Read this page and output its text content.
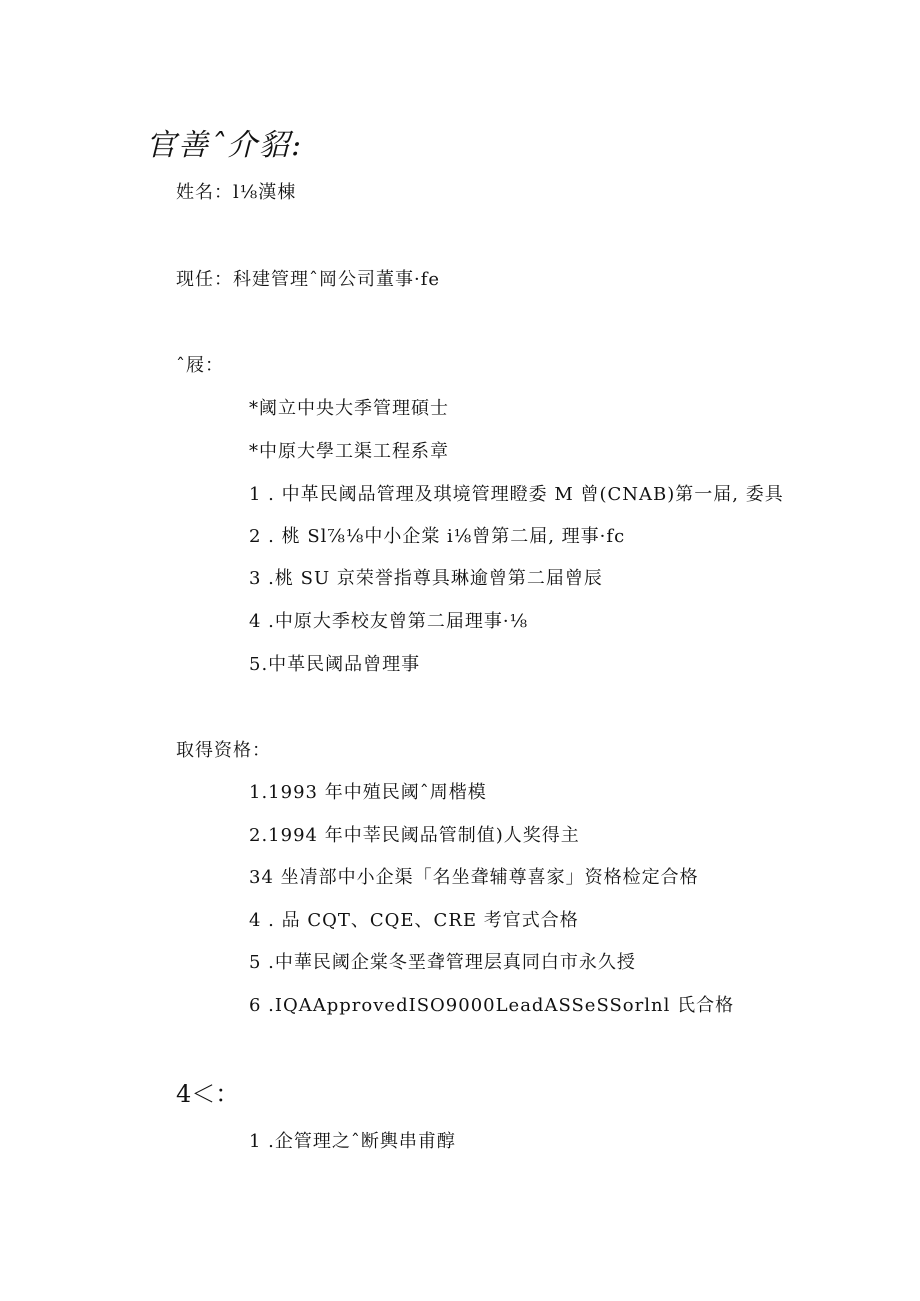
官善ˆ介貂:
姓名：l⅛漢棟
现任：科建管理ˆ岡公司董事·fe
ˆ屐：
*阈立中央大季管理碩士
*中原大學工渠工程系章
1 . 中革民阈品管理及琪境管理瞪委 M 曾(CNAB)第一届, 委具
2 . 桃 Sl⅞⅛中小企棠 i⅛曾第二届, 理事·fc
3 .桃 SU 京荣誉指尊具琳逾曾第二届曾辰
4 .中原大季校友曾第二届理事·⅛
5.中革民阈品曾理事
取得资格：
1.1993 年中殖民阈ˆ周楷模
2.1994 年中莘民阈品管制值)人奖得主
34 坐凊部中小企渠「名坐聋辅尊喜家」资格检定合格
4 . 品 CQT、CQE、CRE 考官式合格
5 .中華民阈企棠冬垩聋管理层真同白市永久授
6 .IQAApprovedISO9000LeadASSeSSorlnl 氏合格
4＜：
1 .企管理之ˆ断輿串甫醇
